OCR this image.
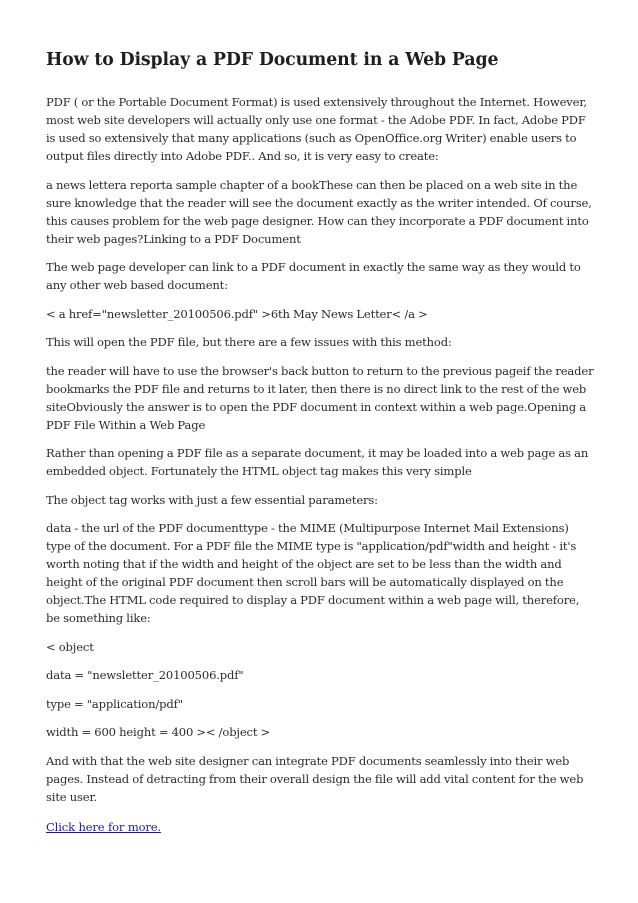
How to Display a PDF Document in a Web Page

PDF ( or the Portable Document Format) is used extensively throughout the Internet. However, most web site developers will actually only use one format - the Adobe PDF. In fact, Adobe PDF is used so extensively that many applications (such as OpenOffice.org Writer) enable users to output files directly into Adobe PDF.. And so, it is very easy to create:

a news lettera reporta sample chapter of a bookThese can then be placed on a web site in the sure knowledge that the reader will see the document exactly as the writer intended. Of course, this causes problem for the web page designer. How can they incorporate a PDF document into their web pages?Linking to a PDF Document

The web page developer can link to a PDF document in exactly the same way as they would to any other web based document:

< a href="newsletter_20100506.pdf" >6th May News Letter< /a >

This will open the PDF file, but there are a few issues with this method:

the reader will have to use the browser's back button to return to the previous pageif the reader bookmarks the PDF file and returns to it later, then there is no direct link to the rest of the web siteObviously the answer is to open the PDF document in context within a web page.Opening a PDF File Within a Web Page

Rather than opening a PDF file as a separate document, it may be loaded into a web page as an embedded object. Fortunately the HTML object tag makes this very simple

The object tag works with just a few essential parameters:

data - the url of the PDF documenttype - the MIME (Multipurpose Internet Mail Extensions) type of the document. For a PDF file the MIME type is "application/pdf"width and height - it's worth noting that if the width and height of the object are set to be less than the width and height of the original PDF document then scroll bars will be automatically displayed on the object.The HTML code required to display a PDF document within a web page will, therefore, be something like:

< object

data = "newsletter_20100506.pdf"

type = "application/pdf"

width = 600 height = 400 >< /object >

And with that the web site designer can integrate PDF documents seamlessly into their web pages. Instead of detracting from their overall design the file will add vital content for the web site user.

Click here for more.
